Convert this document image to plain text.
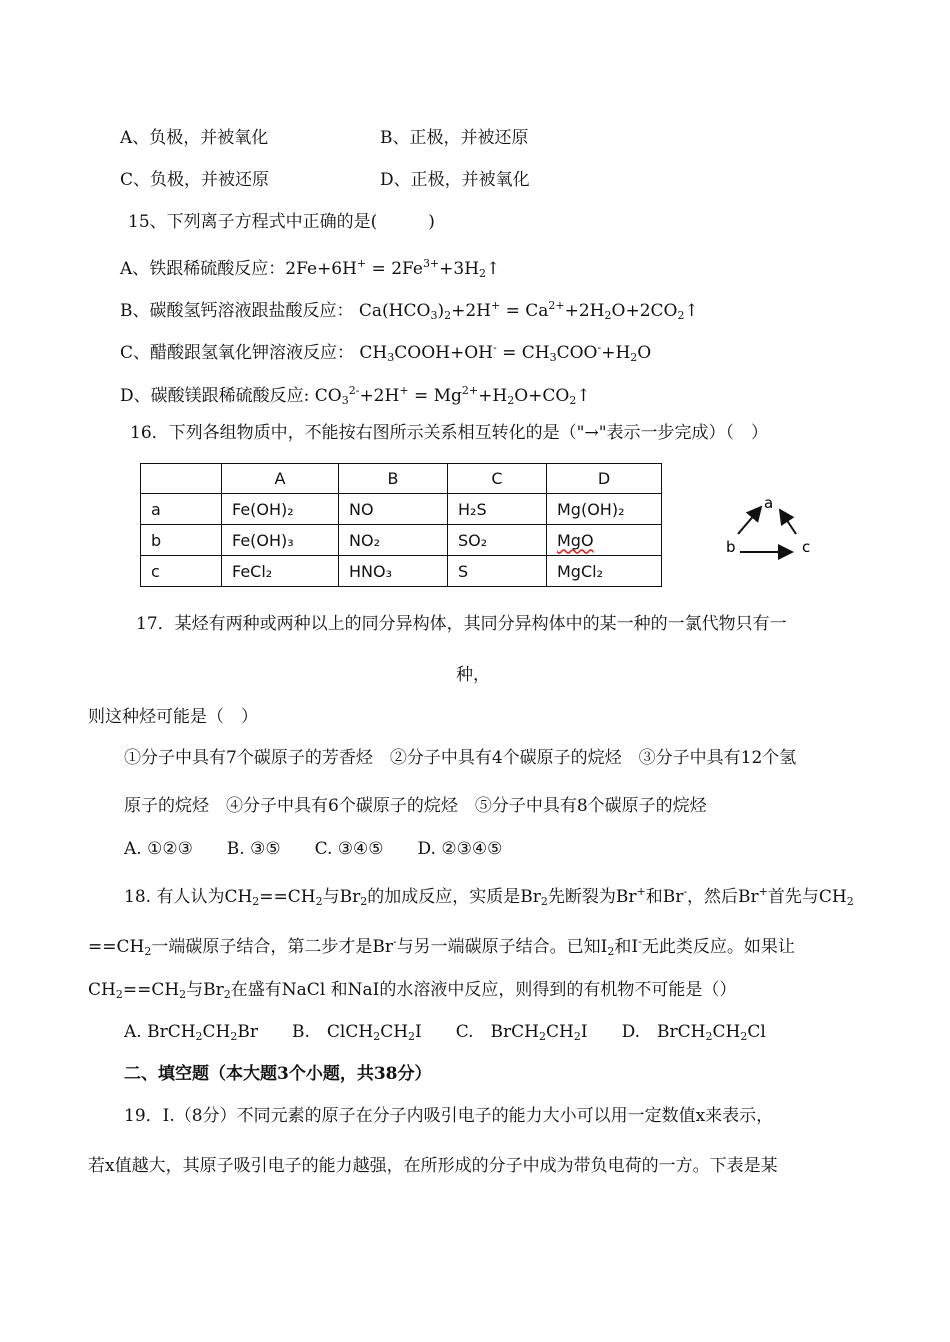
A、负极，并被氧化	B、正极，并被还原
C、负极，并被还原	D、正极，并被氧化
15、下列离子方程式中正确的是(　　　)
A、铁跟稀硫酸反应：$2Fe+6H^+ = 2Fe^{3+}+3H_2↑$
B、碳酸氢钙溶液跟盐酸反应： $Ca(HCO_3)_2+2H^+$ = $Ca^{2+}+2H_2O+2CO_2↑$
C、醋酸跟氢氧化钾溶液反应： $CH_3COOH+OH^- = CH_3COO^-+H_2O$
D、碳酸镁跟稀硫酸反应: $CO_3^{2-}+2H^+$ = $Mg^{2+}+H_2O+CO_2↑$
16．下列各组物质中，不能按右图所示关系相互转化的是（"→"表示一步完成）（　）
	A	B	C	D
a	Fe(OH)₂	NO	H₂S	Mg(OH)₂
b	Fe(OH)₃	NO₂	SO₂	MgO
c	FeCl₂	HNO₃	S	MgCl₂
a
b	c
17．某烃有两种或两种以上的同分异构体，其同分异构体中的某一种的一氯代物只有一
种，
则这种烃可能是（　）
①分子中具有7个碳原子的芳香烃　②分子中具有4个碳原子的烷烃　③分子中具有12个氢
原子的烷烃　④分子中具有6个碳原子的烷烃　⑤分子中具有8个碳原子的烷烃
A. ①②③　　B. ③⑤　　C. ③④⑤　　D. ②③④⑤
18. 有人认为$CH_2==CH_2$与$Br_2$的加成反应，实质是$Br_2$先断裂为Br+和Br-，然后Br+首先与$CH_2$
$==CH_2$一端碳原子结合，第二步才是Br-与另一端碳原子结合。已知$I_2$和I-无此类反应。如果让
$CH_2==CH_2$与$Br_2$在盛有NaCl 和NaI的水溶液中反应，则得到的有机物不可能是（）
A. $BrCH_2CH_2Br$　　B.　$ClCH_2CH_2I$　　C.　$BrCH_2CH_2I$　　D.　$BrCH_2CH_2Cl$
二、填空题（本大题3个小题，共38分）
19．Ⅰ.（8分）不同元素的原子在分子内吸引电子的能力大小可以用一定数值x来表示，
若x值越大，其原子吸引电子的能力越强，在所形成的分子中成为带负电荷的一方。下表是某
